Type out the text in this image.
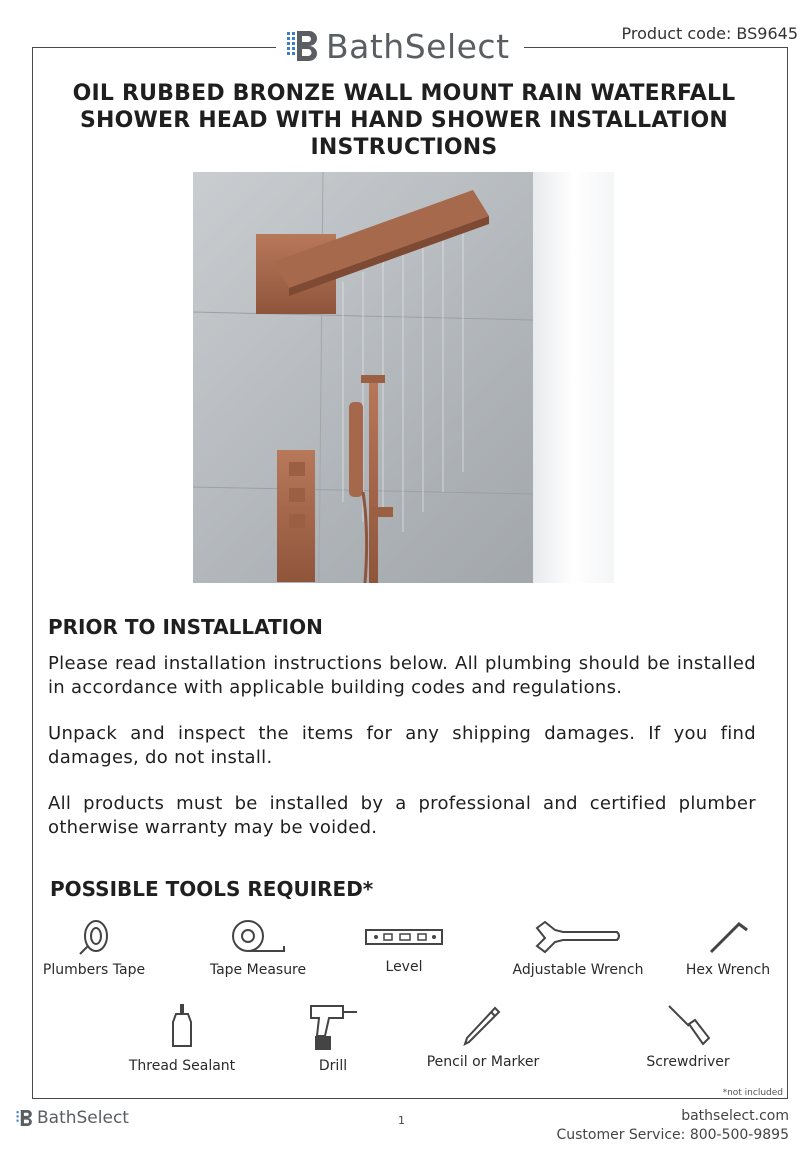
BathSelect	Product code: BS9645
OIL RUBBED BRONZE WALL MOUNT RAIN WATERFALL SHOWER HEAD WITH HAND SHOWER INSTALLATION INSTRUCTIONS
PRIOR TO INSTALLATION

Please read installation instructions below. All plumbing should be installed in accordance with applicable building codes and regulations.

Unpack and inspect the items for any shipping damages. If you find damages, do not install.

All products must be installed by a professional and certified plumber otherwise warranty may be voided.

POSSIBLE TOOLS REQUIRED*
Plumbers Tape	Tape Measure	Level	Adjustable Wrench	Hex Wrench
Thread Sealant	Drill	Pencil or Marker	Screwdriver
*not included
BathSelect	1	bathselect.com
Customer Service: 800-500-9895
